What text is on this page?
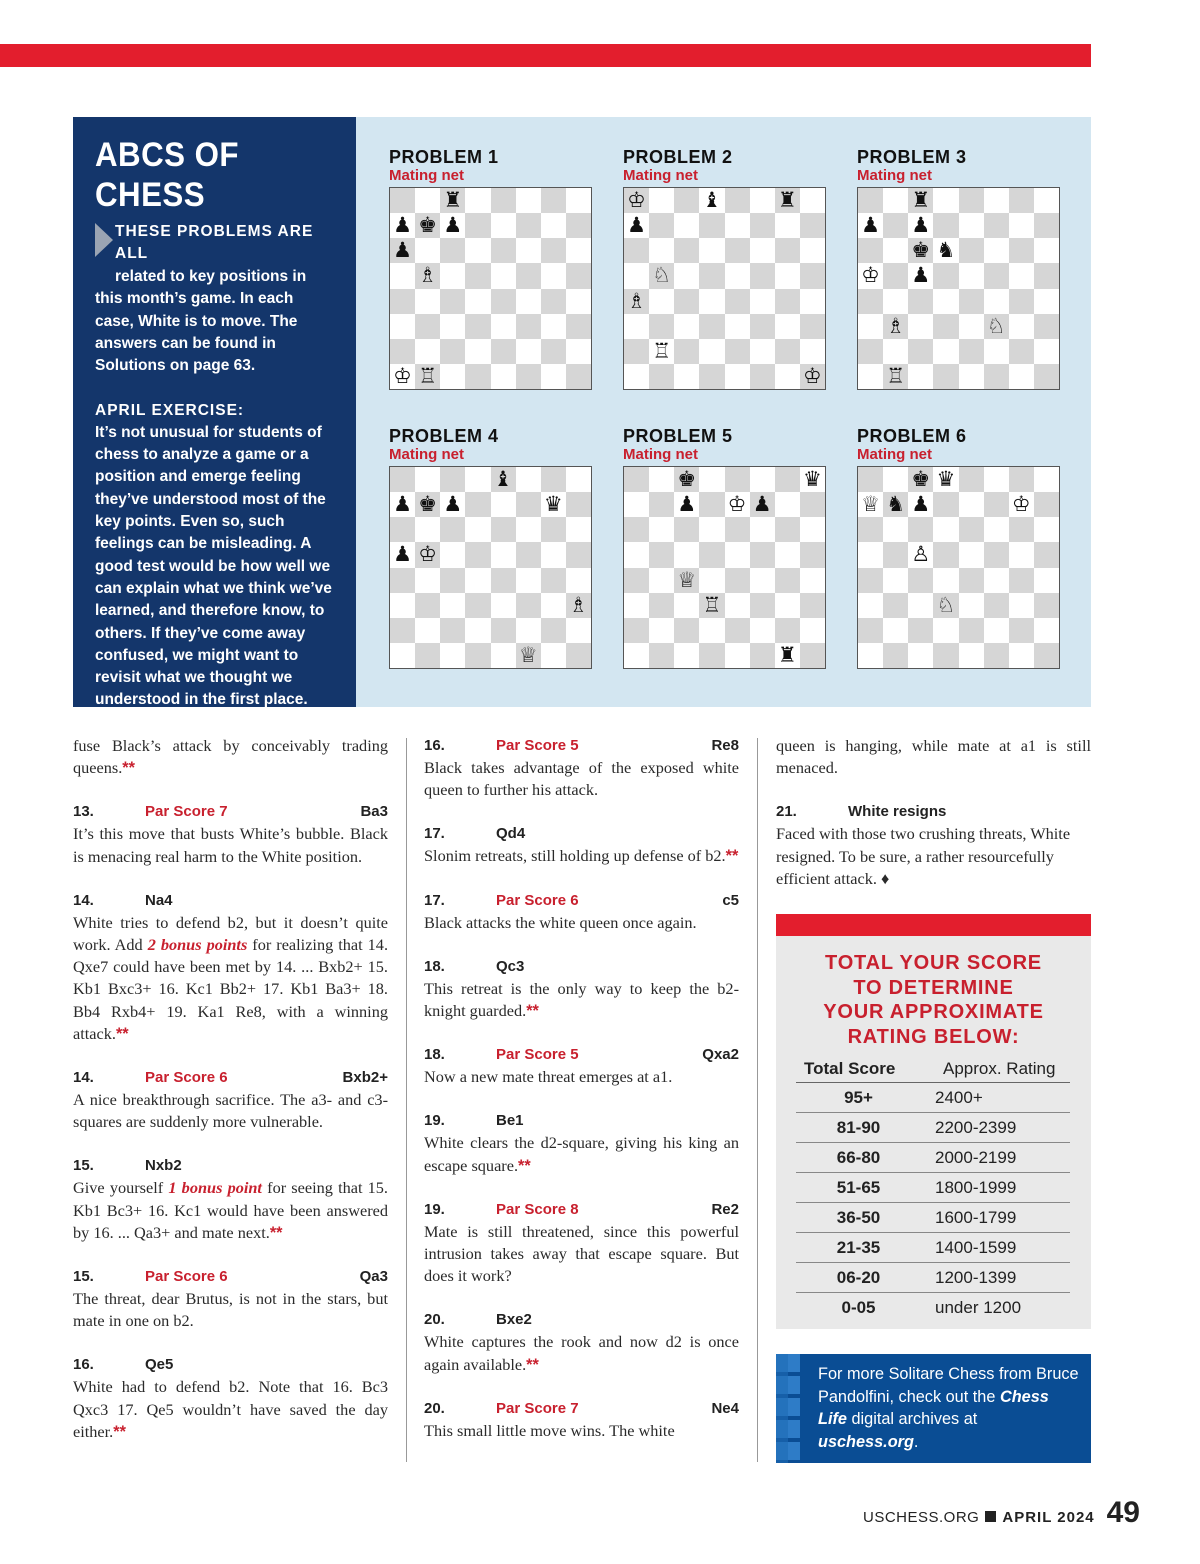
ABCS OF CHESS
THESE PROBLEMS ARE ALL
related to key positions in
this month’s game. In each case, White is to move. The answers can be found in Solutions on page 63.
APRIL EXERCISE:
It’s not unusual for students of chess to analyze a game or a position and emerge feeling they’ve understood most of the key points. Even so, such feelings can be misleading. A good test would be how well we can explain what we think we’ve learned, and therefore know, to others. If they’ve come away confused, we might want to revisit what we thought we understood in the first place.
PROBLEM 1
Mating net
♜
♟ ♚ ♟
♟
♗
♔ ♖
PROBLEM 2
Mating net
♔	♝	♜
♟
♘
♗
♖
♔
PROBLEM 3
Mating net
♜
♟ ♟
♚ ♞
♔ ♟
♗	♘
♖
PROBLEM 4
Mating net
♝
♟ ♚ ♟	♛
♟ ♔
♗
♕
PROBLEM 5
Mating net
♚	♛
♟ ♔ ♟
♕
♖
♜
PROBLEM 6
Mating net
♚ ♛
♕ ♞ ♟	♔
♙
♘
fuse Black’s attack by conceivably trading queens.**
13.	Par Score 7	Ba3
It’s this move that busts White’s bubble. Black is menacing real harm to the White position.
14.	Na4
White tries to defend b2, but it doesn’t quite work. Add 2 bonus points for realizing that 14. Qxe7 could have been met by 14. ... Bxb2+ 15. Kb1 Bxc3+ 16. Kc1 Bb2+ 17. Kb1 Ba3+ 18. Bb4 Rxb4+ 19. Ka1 Re8, with a winning attack.**
14.	Par Score 6	Bxb2+
A nice breakthrough sacrifice. The a3- and c3-squares are suddenly more vulnerable.
15.	Nxb2
Give yourself 1 bonus point for seeing that 15. Kb1 Bc3+ 16. Kc1 would have been answered by 16. ... Qa3+ and mate next.**
15.	Par Score 6	Qa3
The threat, dear Brutus, is not in the stars, but mate in one on b2.
16.	Qe5
White had to defend b2. Note that 16. Bc3 Qxc3 17. Qe5 wouldn’t have saved the day either.**
16.	Par Score 5	Re8
Black takes advantage of the exposed white queen to further his attack.
17.	Qd4
Slonim retreats, still holding up defense of b2.**
17.	Par Score 6	c5
Black attacks the white queen once again.
18.	Qc3
This retreat is the only way to keep the b2-knight guarded.**
18.	Par Score 5	Qxa2
Now a new mate threat emerges at a1.
19.	Be1
White clears the d2-square, giving his king an escape square.**
19.	Par Score 8	Re2
Mate is still threatened, since this powerful intrusion takes away that escape square. But does it work?
20.	Bxe2
White captures the rook and now d2 is once again available.**
20.	Par Score 7	Ne4
This small little move wins. The white
queen is hanging, while mate at a1 is still menaced.
21.	White resigns
Faced with those two crushing threats, White resigned. To be sure, a rather resourcefully efficient attack. ♦
TOTAL YOUR SCORE
TO DETERMINE
YOUR APPROXIMATE
RATING BELOW:
Total Score	Approx. Rating
95+	2400+
81-90	2200-2399
66-80	2000-2199
51-65	1800-1999
36-50	1600-1799
21-35	1400-1599
06-20	1200-1399
0-05	under 1200
For more Solitare Chess from Bruce Pandolfini, check out the Chess Life digital archives at uschess.org.
USCHESS.ORG APRIL 2024 49
